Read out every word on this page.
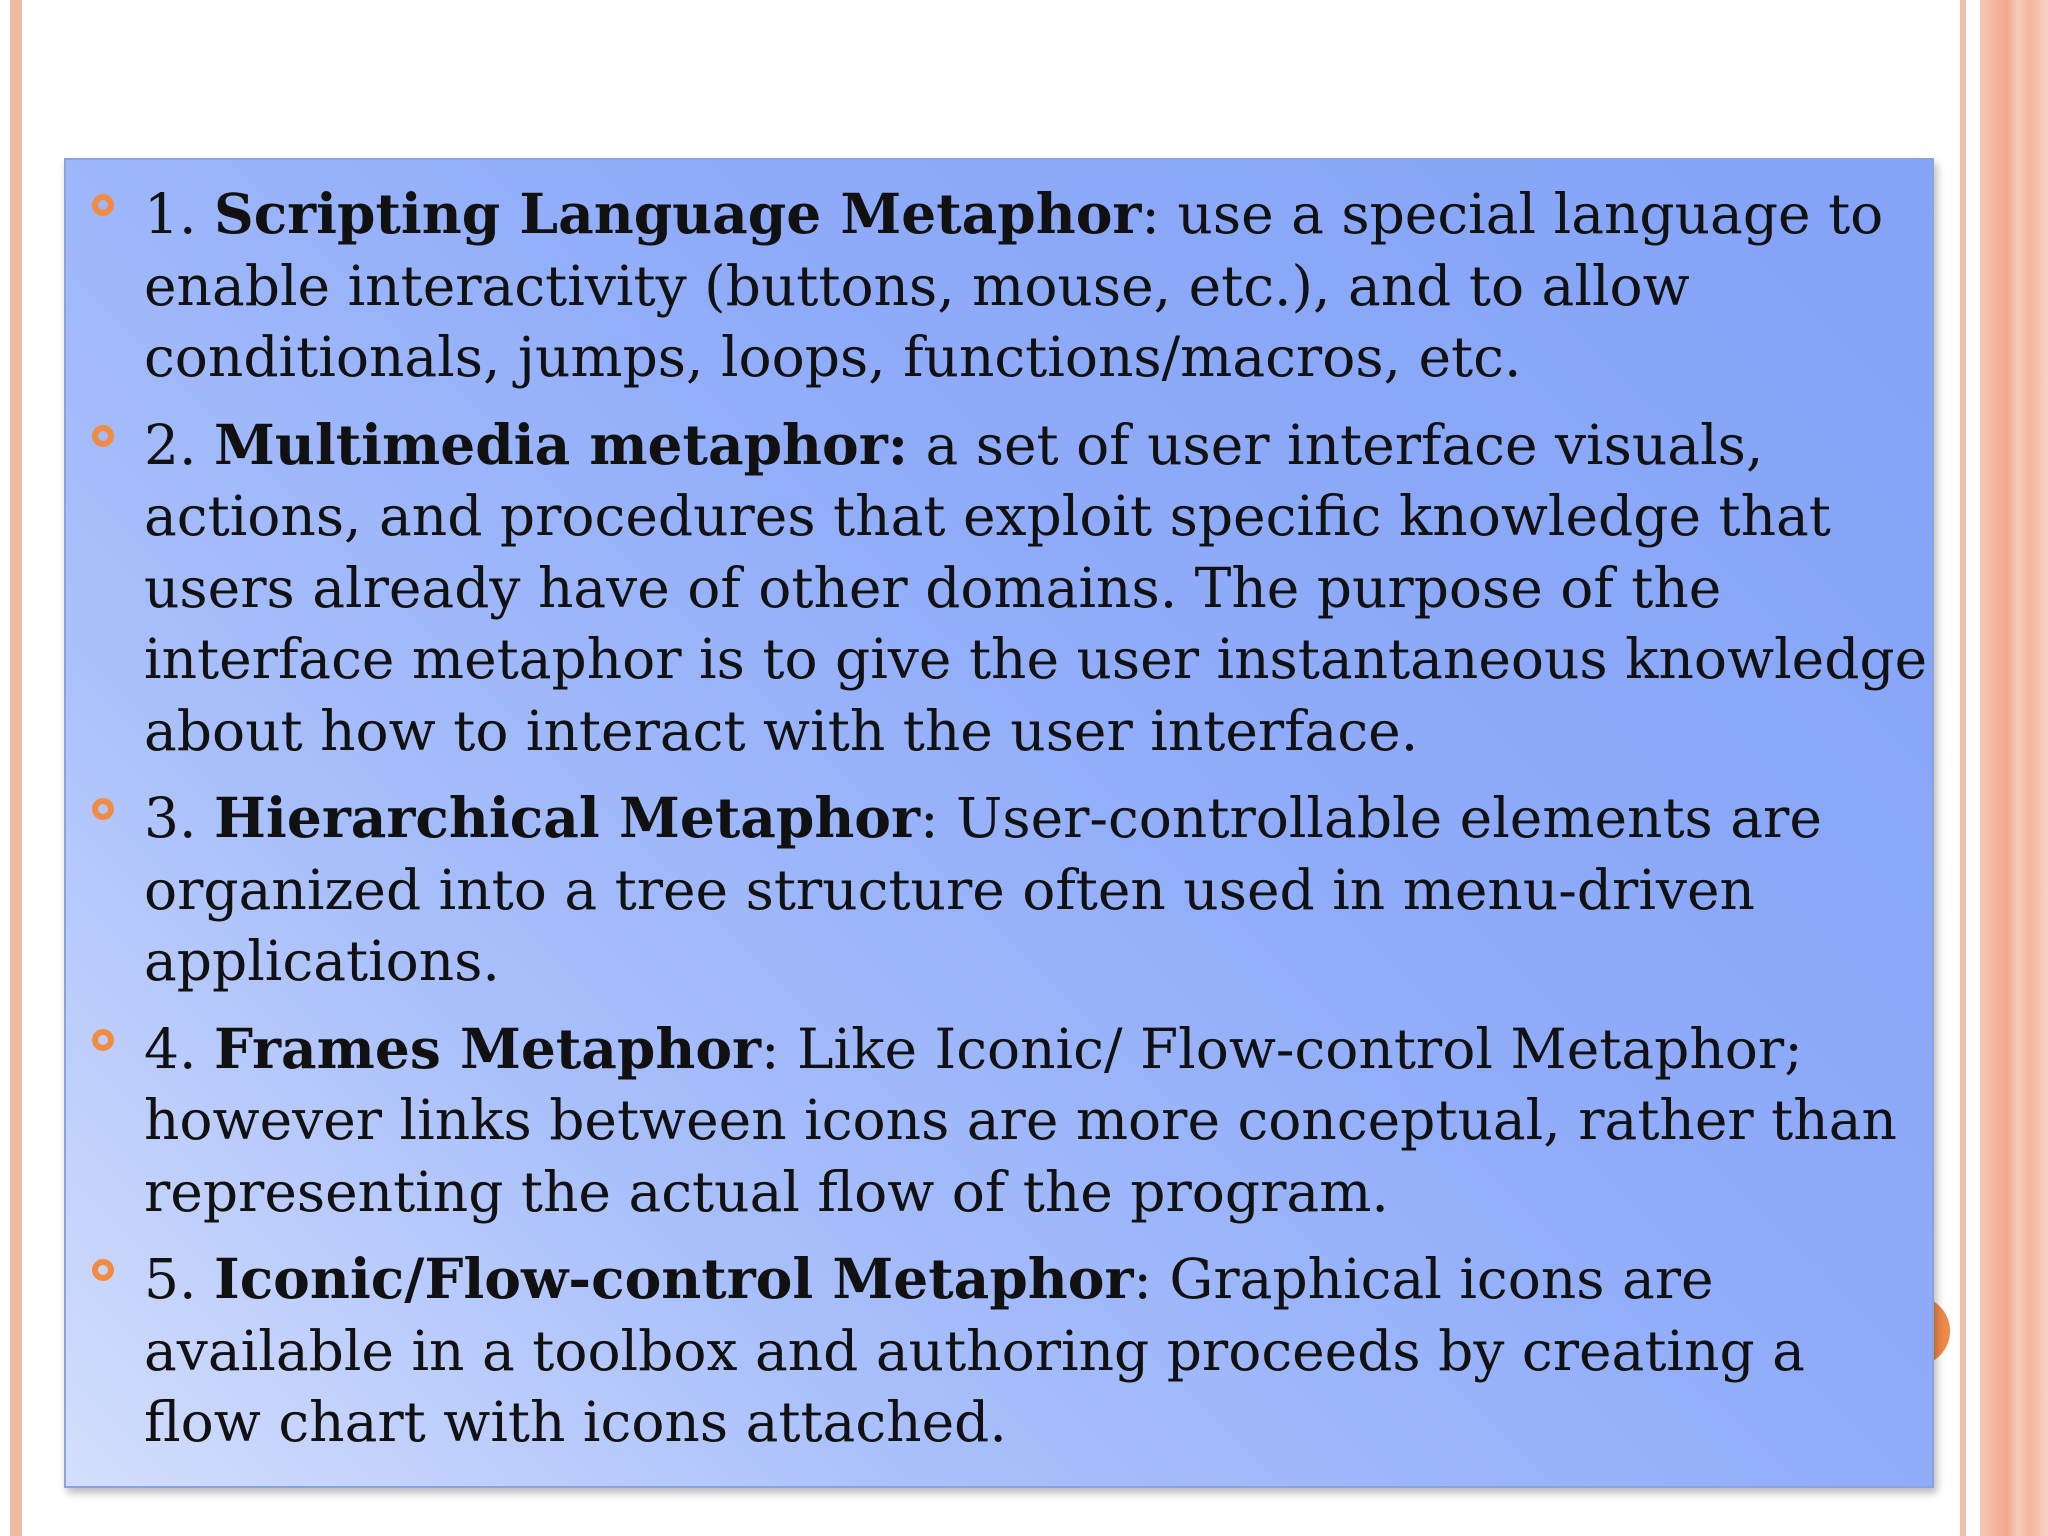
1. Scripting Language Metaphor: use a special language to enable interactivity (buttons, mouse, etc.), and to allow conditionals, jumps, loops, functions/macros, etc.
2. Multimedia metaphor: a set of user interface visuals, actions, and procedures that exploit specific knowledge that users already have of other domains. The purpose of the interface metaphor is to give the user instantaneous knowledge about how to interact with the user interface.
3. Hierarchical Metaphor: User-controllable elements are organized into a tree structure often used in menu-driven applications.
4. Frames Metaphor: Like Iconic/ Flow-control Metaphor; however links between icons are more conceptual, rather than representing the actual flow of the program.
5. Iconic/Flow-control Metaphor: Graphical icons are available in a toolbox and authoring proceeds by creating a flow chart with icons attached.
